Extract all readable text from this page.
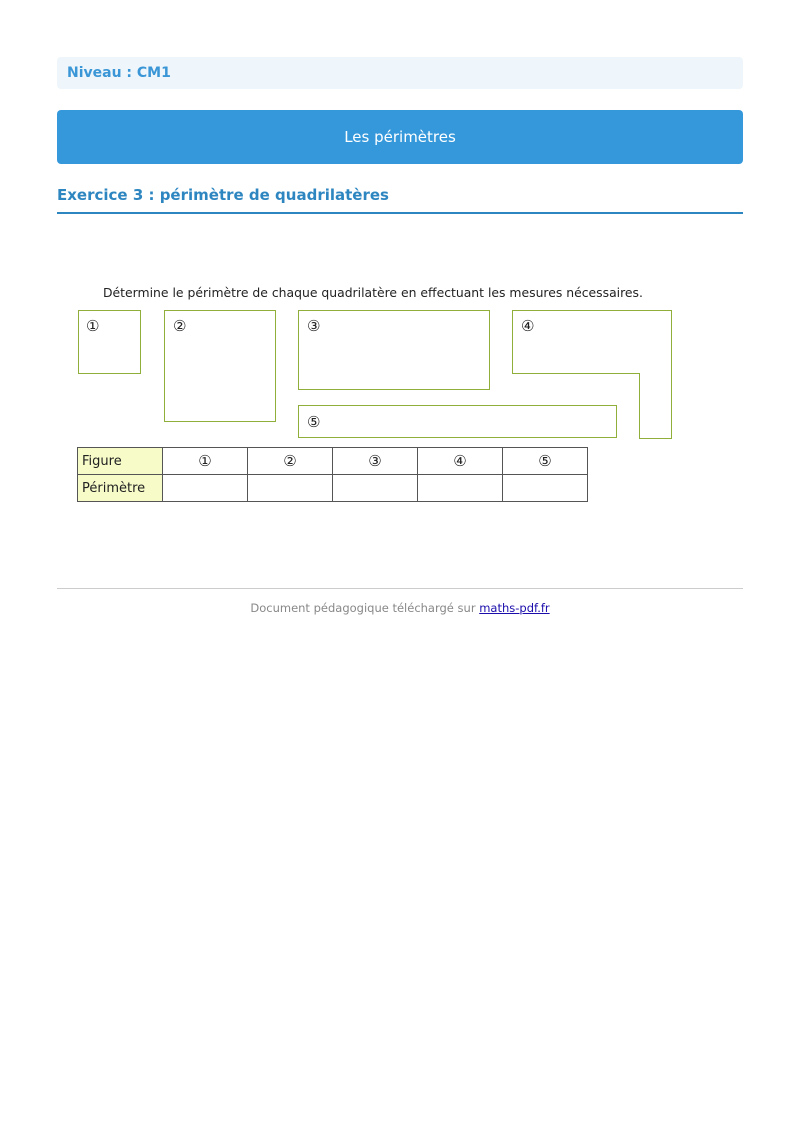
Niveau : CM1
Les périmètres
Exercice 3 : périmètre de quadrilatères
Détermine le périmètre de chaque quadrilatère en effectuant les mesures nécessaires.
①	②	③	④
⑤
Figure	①	②	③	④	⑤
Périmètre					
Document pédagogique téléchargé sur maths-pdf.fr
